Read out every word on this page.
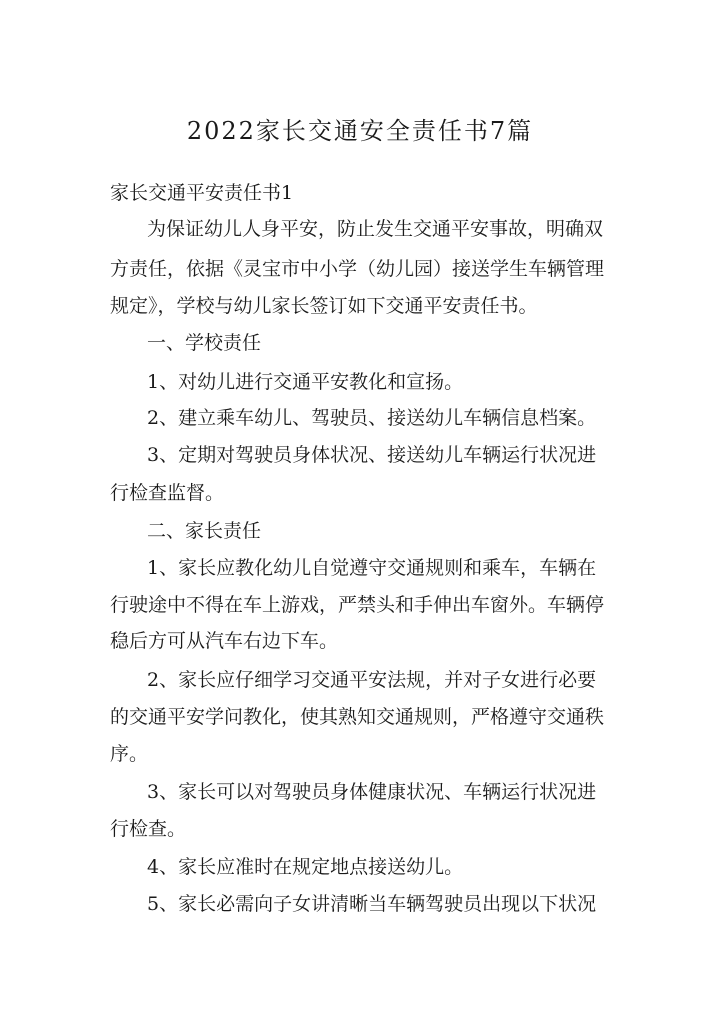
2022家长交通安全责任书7篇
家长交通平安责任书1
为保证幼儿人身平安，防止发生交通平安事故，明确双
方责任，依据《灵宝市中小学（幼儿园）接送学生车辆管理
规定》，学校与幼儿家长签订如下交通平安责任书。
一、学校责任
1、对幼儿进行交通平安教化和宣扬。
2、建立乘车幼儿、驾驶员、接送幼儿车辆信息档案。
3、定期对驾驶员身体状况、接送幼儿车辆运行状况进
行检查监督。
二、家长责任
1、家长应教化幼儿自觉遵守交通规则和乘车，车辆在
行驶途中不得在车上游戏，严禁头和手伸出车窗外。车辆停
稳后方可从汽车右边下车。
2、家长应仔细学习交通平安法规，并对子女进行必要
的交通平安学问教化，使其熟知交通规则，严格遵守交通秩
序。
3、家长可以对驾驶员身体健康状况、车辆运行状况进
行检查。
4、家长应准时在规定地点接送幼儿。
5、家长必需向子女讲清晰当车辆驾驶员出现以下状况
